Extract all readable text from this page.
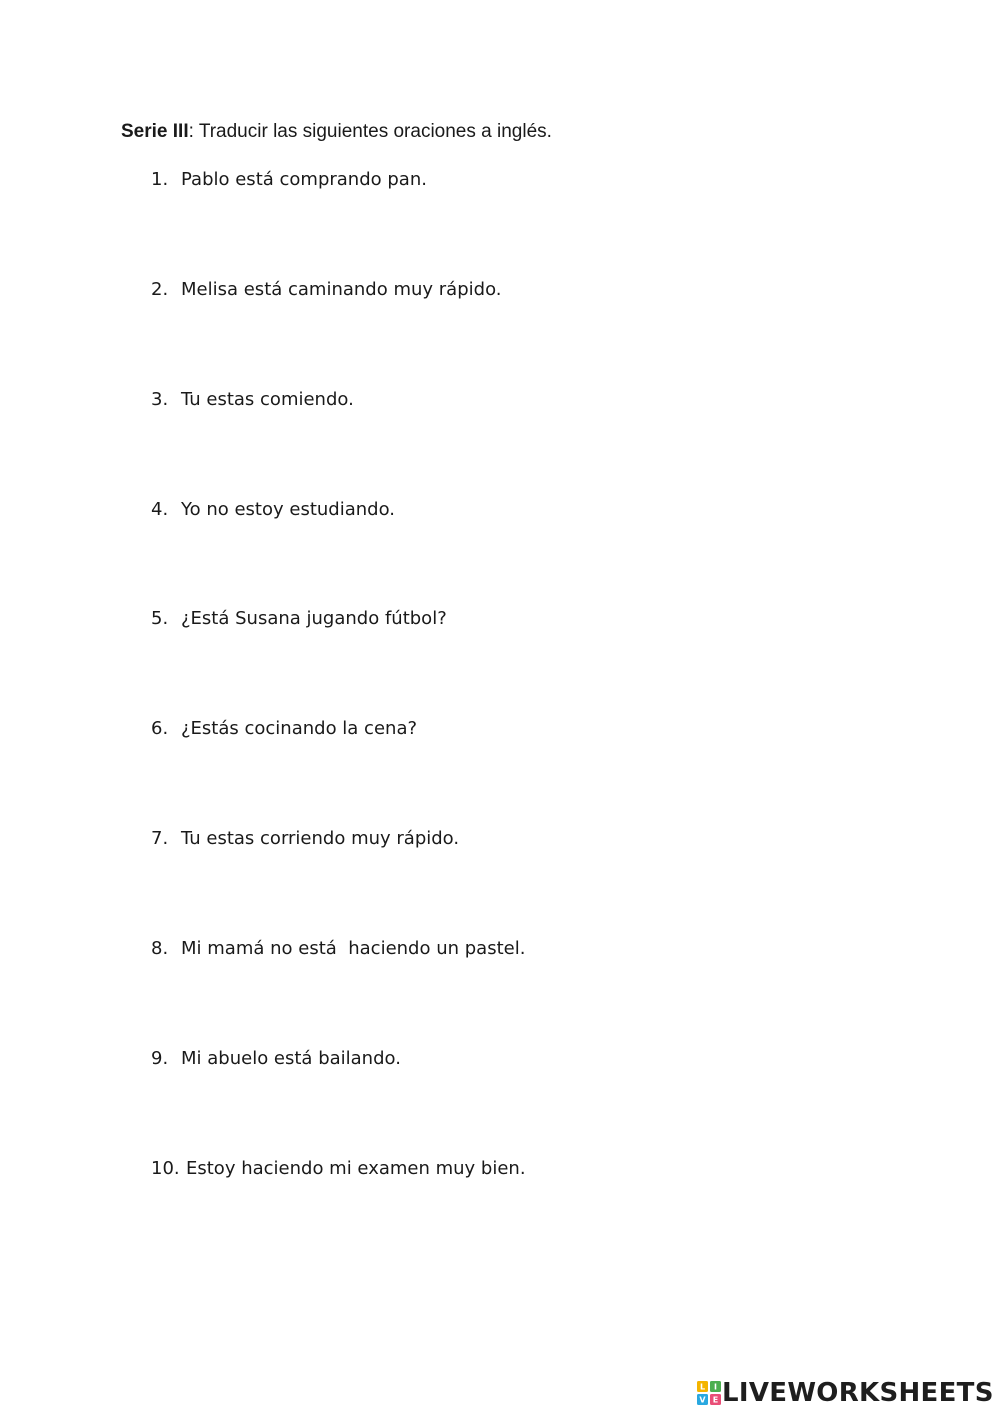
Serie III: Traducir las siguientes oraciones a inglés.
1. Pablo está comprando pan.
2. Melisa está caminando muy rápido.
3. Tu estas comiendo.
4. Yo no estoy estudiando.
5. ¿Está Susana jugando fútbol?
6. ¿Estás cocinando la cena?
7. Tu estas corriendo muy rápido.
8. Mi mamá no está  haciendo un pastel.
9. Mi abuelo está bailando.
10. Estoy haciendo mi examen muy bien.
L I
V E LIVEWORKSHEETS
